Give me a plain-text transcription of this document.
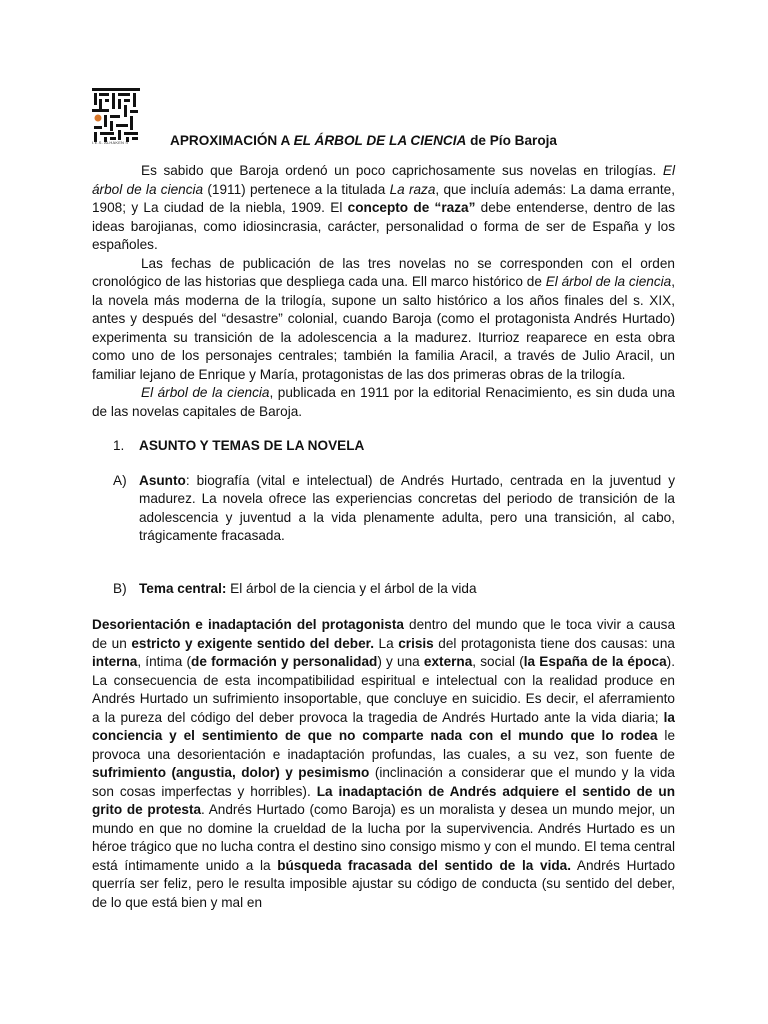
I.E.S. ALHAKEN II	APROXIMACIÓN A EL ÁRBOL DE LA CIENCIA de Pío Baroja

Es sabido que Baroja ordenó un poco caprichosamente sus novelas en trilogías. El árbol de la ciencia (1911) pertenece a la titulada La raza, que incluía además: La dama errante, 1908; y La ciudad de la niebla, 1909. El concepto de “raza” debe entenderse, dentro de las ideas barojianas, como idiosincrasia, carácter, personalidad o forma de ser de España y los españoles.

Las fechas de publicación de las tres novelas no se corresponden con el orden cronológico de las historias que despliega cada una. Ell marco histórico de El árbol de la ciencia, la novela más moderna de la trilogía, supone un salto histórico a los años finales del s. XIX, antes y después del “desastre” colonial, cuando Baroja (como el protagonista Andrés Hurtado) experimenta su transición de la adolescencia a la madurez. Iturrioz reaparece en esta obra como uno de los personajes centrales; también la familia Aracil, a través de Julio Aracil, un familiar lejano de Enrique y María, protagonistas de las dos primeras obras de la trilogía.

El árbol de la ciencia, publicada en 1911 por la editorial Renacimiento, es sin duda una de las novelas capitales de Baroja.

1.	ASUNTO Y TEMAS DE LA NOVELA

A) Asunto: biografía (vital e intelectual) de Andrés Hurtado, centrada en la juventud y madurez. La novela ofrece las experiencias concretas del periodo de transición de la adolescencia y juventud a la vida plenamente adulta, pero una transición, al cabo, trágicamente fracasada.
B) Tema central: El árbol de la ciencia y el árbol de la vida

Desorientación e inadaptación del protagonista dentro del mundo que le toca vivir a causa de un estricto y exigente sentido del deber. La crisis del protagonista tiene dos causas: una interna, íntima (de formación y personalidad) y una externa, social (la España de la época). La consecuencia de esta incompatibilidad espiritual e intelectual con la realidad produce en Andrés Hurtado un sufrimiento insoportable, que concluye en suicidio. Es decir, el aferramiento a la pureza del código del deber provoca la tragedia de Andrés Hurtado ante la vida diaria; la conciencia y el sentimiento de que no comparte nada con el mundo que lo rodea le provoca una desorientación e inadaptación profundas, las cuales, a su vez, son fuente de sufrimiento (angustia, dolor) y pesimismo (inclinación a considerar que el mundo y la vida son cosas imperfectas y horribles). La inadaptación de Andrés adquiere el sentido de un grito de protesta. Andrés Hurtado (como Baroja) es un moralista y desea un mundo mejor, un mundo en que no domine la crueldad de la lucha por la supervivencia. Andrés Hurtado es un héroe trágico que no lucha contra el destino sino consigo mismo y con el mundo. El tema central está íntimamente unido a la búsqueda fracasada del sentido de la vida. Andrés Hurtado querría ser feliz, pero le resulta imposible ajustar su código de conducta (su sentido del deber, de lo que está bien y mal en
